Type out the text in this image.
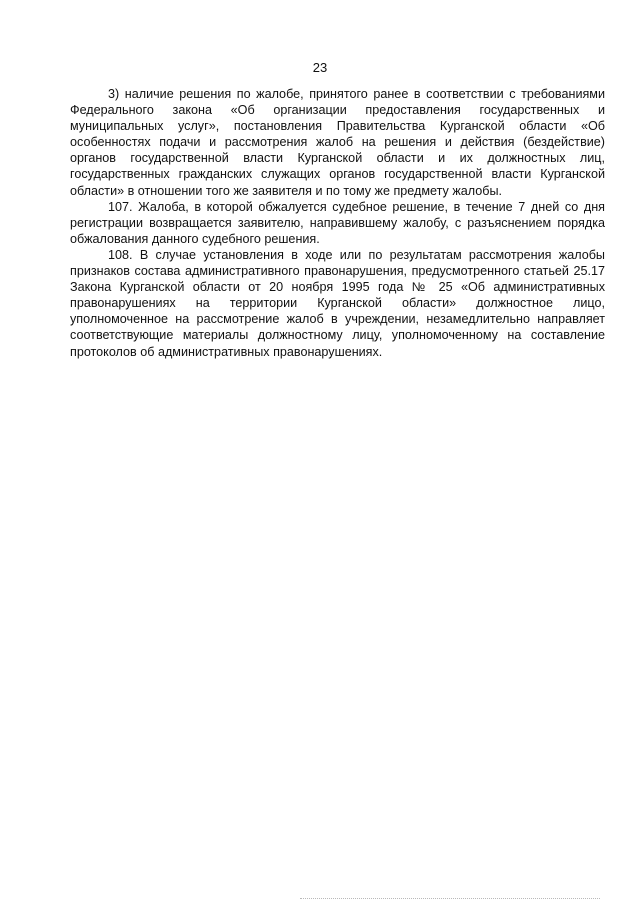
23

3) наличие решения по жалобе, принятого ранее в соответствии с требованиями Федерального закона «Об организации предоставления государственных и муниципальных услуг», постановления Правительства Курганской области «Об особенностях подачи и рассмотрения жалоб на решения и действия (бездействие) органов государственной власти Курганской области и их должностных лиц, государственных гражданских служащих органов государственной власти Курганской области» в отношении того же заявителя и по тому же предмету жалобы.

107. Жалоба, в которой обжалуется судебное решение, в течение 7 дней со дня регистрации возвращается заявителю, направившему жалобу, с разъяснением порядка обжалования данного судебного решения.

108. В случае установления в ходе или по результатам рассмотрения жалобы признаков состава административного правонарушения, предусмотренного статьей 25.17 Закона Курганской области от 20 ноября 1995 года № 25 «Об административных правонарушениях на территории Курганской области» должностное лицо, уполномоченное на рассмотрение жалоб в учреждении, незамедлительно направляет соответствующие материалы должностному лицу, уполномоченному на составление протоколов об административных правонарушениях.
